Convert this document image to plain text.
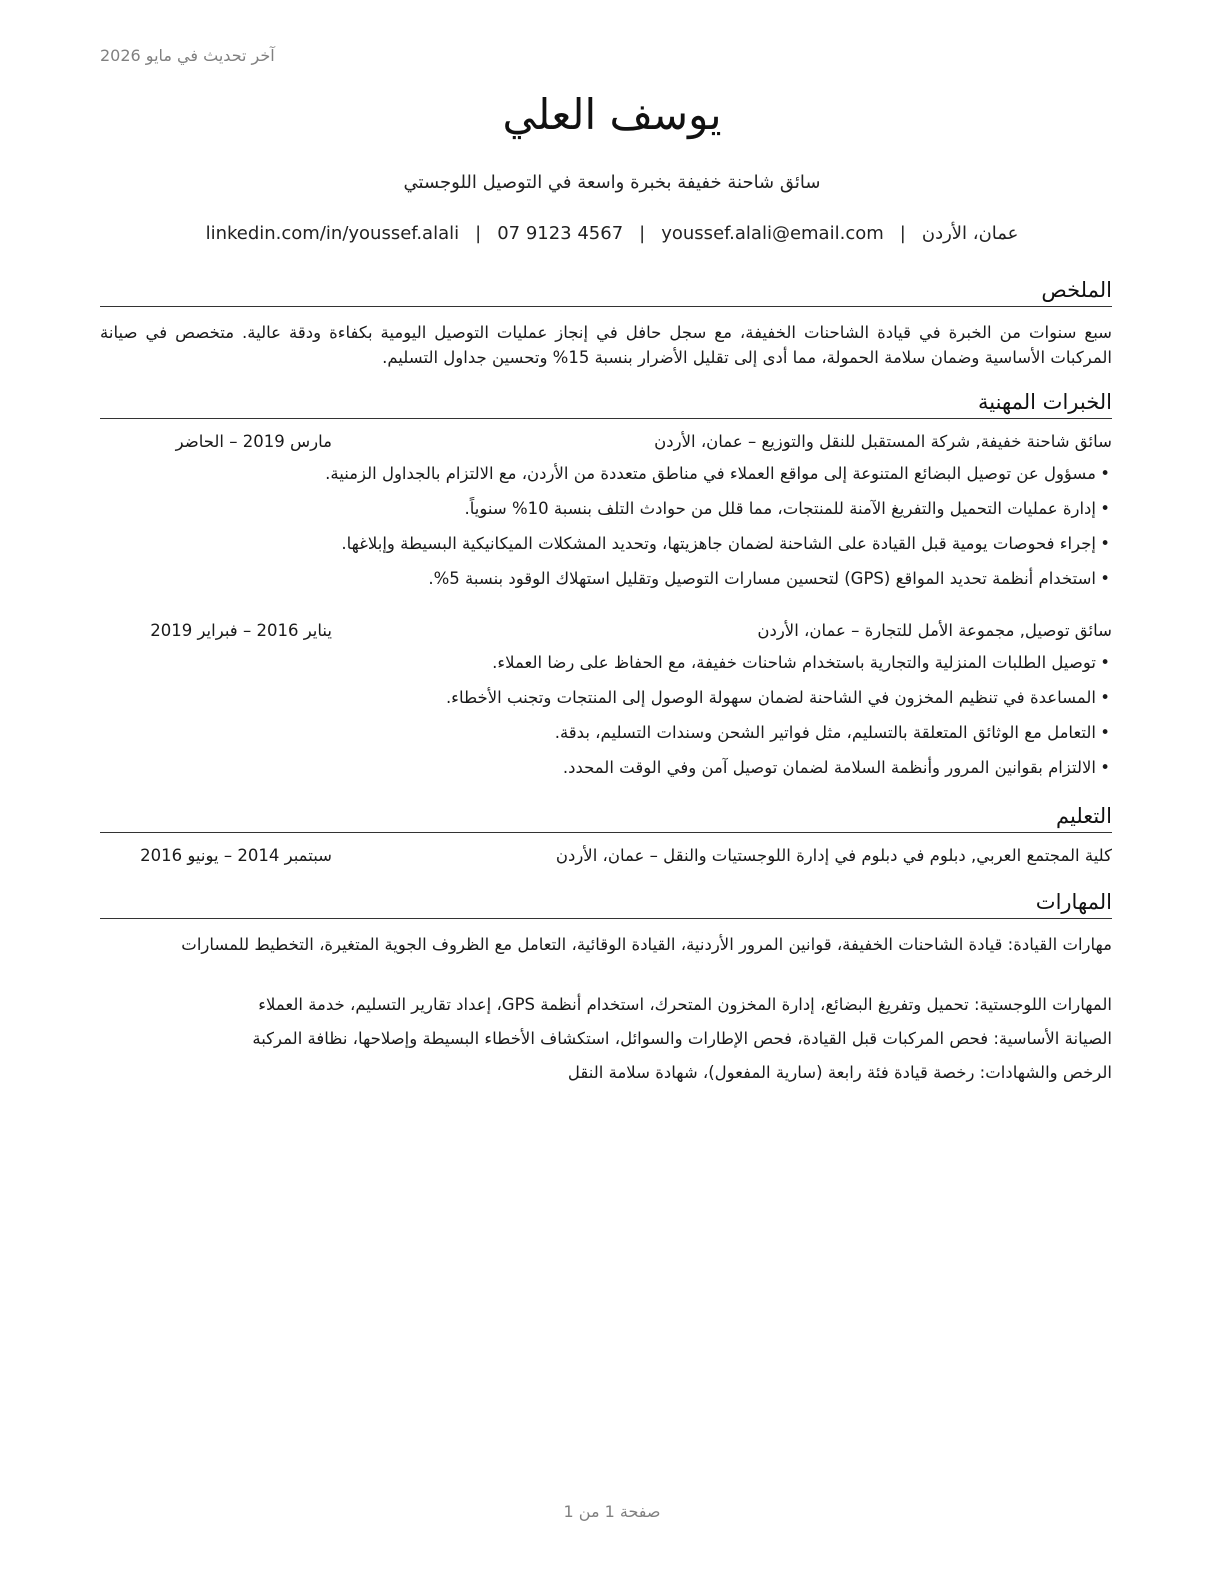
آخر تحديث في مايو 2026
يوسف العلي
سائق شاحنة خفيفة بخبرة واسعة في التوصيل اللوجستي
عمان، الأردن|youssef.alali@email.com|07 9123 4567|linkedin.com/in/youssef.alali
الملخص
سبع سنوات من الخبرة في قيادة الشاحنات الخفيفة، مع سجل حافل في إنجاز عمليات التوصيل اليومية بكفاءة ودقة عالية. متخصص في صيانة المركبات الأساسية وضمان سلامة الحمولة، مما أدى إلى تقليل الأضرار بنسبة 15% وتحسين جداول التسليم.
الخبرات المهنية
سائق شاحنة خفيفة, شركة المستقبل للنقل والتوزيع – عمان، الأردن
مارس 2019 – الحاضر
•مسؤول عن توصيل البضائع المتنوعة إلى مواقع العملاء في مناطق متعددة من الأردن، مع الالتزام بالجداول الزمنية.
•إدارة عمليات التحميل والتفريغ الآمنة للمنتجات، مما قلل من حوادث التلف بنسبة 10% سنوياً.
•إجراء فحوصات يومية قبل القيادة على الشاحنة لضمان جاهزيتها، وتحديد المشكلات الميكانيكية البسيطة وإبلاغها.
•استخدام أنظمة تحديد المواقع (GPS) لتحسين مسارات التوصيل وتقليل استهلاك الوقود بنسبة 5%.
سائق توصيل, مجموعة الأمل للتجارة – عمان، الأردن
يناير 2016 – فبراير 2019
•توصيل الطلبات المنزلية والتجارية باستخدام شاحنات خفيفة، مع الحفاظ على رضا العملاء.
•المساعدة في تنظيم المخزون في الشاحنة لضمان سهولة الوصول إلى المنتجات وتجنب الأخطاء.
•التعامل مع الوثائق المتعلقة بالتسليم، مثل فواتير الشحن وسندات التسليم، بدقة.
•الالتزام بقوانين المرور وأنظمة السلامة لضمان توصيل آمن وفي الوقت المحدد.
التعليم
كلية المجتمع العربي, دبلوم في دبلوم في إدارة اللوجستيات والنقل – عمان، الأردن
سبتمبر 2014 – يونيو 2016
المهارات
مهارات القيادة: قيادة الشاحنات الخفيفة، قوانين المرور الأردنية، القيادة الوقائية، التعامل مع الظروف الجوية المتغيرة، التخطيط للمسارات
المهارات اللوجستية: تحميل وتفريغ البضائع، إدارة المخزون المتحرك، استخدام أنظمة GPS، إعداد تقارير التسليم، خدمة العملاء
الصيانة الأساسية: فحص المركبات قبل القيادة، فحص الإطارات والسوائل، استكشاف الأخطاء البسيطة وإصلاحها، نظافة المركبة
الرخص والشهادات: رخصة قيادة فئة رابعة (سارية المفعول)، شهادة سلامة النقل
صفحة 1 من 1
